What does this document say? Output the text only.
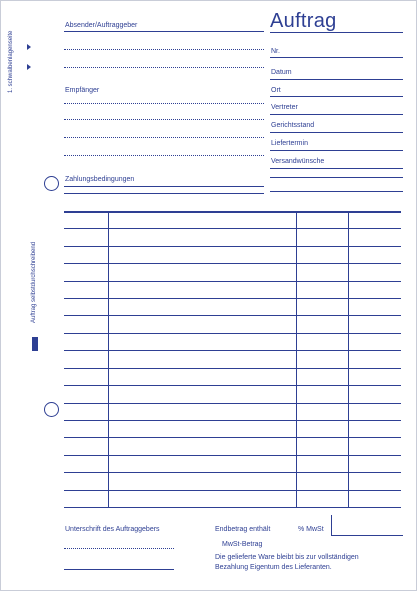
1. schwalbenlagenseite
Auftrag selbstdurchschreibend
Absender/Auftraggeber
Empfänger
Zahlungsbedingungen
Auftrag
Nr.
Datum
Ort
Vertreter
Gerichtsstand
Liefertermin
Versandwünsche
Unterschrift des Auftraggebers	Endbetrag enthält	% MwSt
MwSt-Betrag
Die gelieferte Ware bleibt bis zur vollständigen
Bezahlung Eigentum des Lieferanten.
